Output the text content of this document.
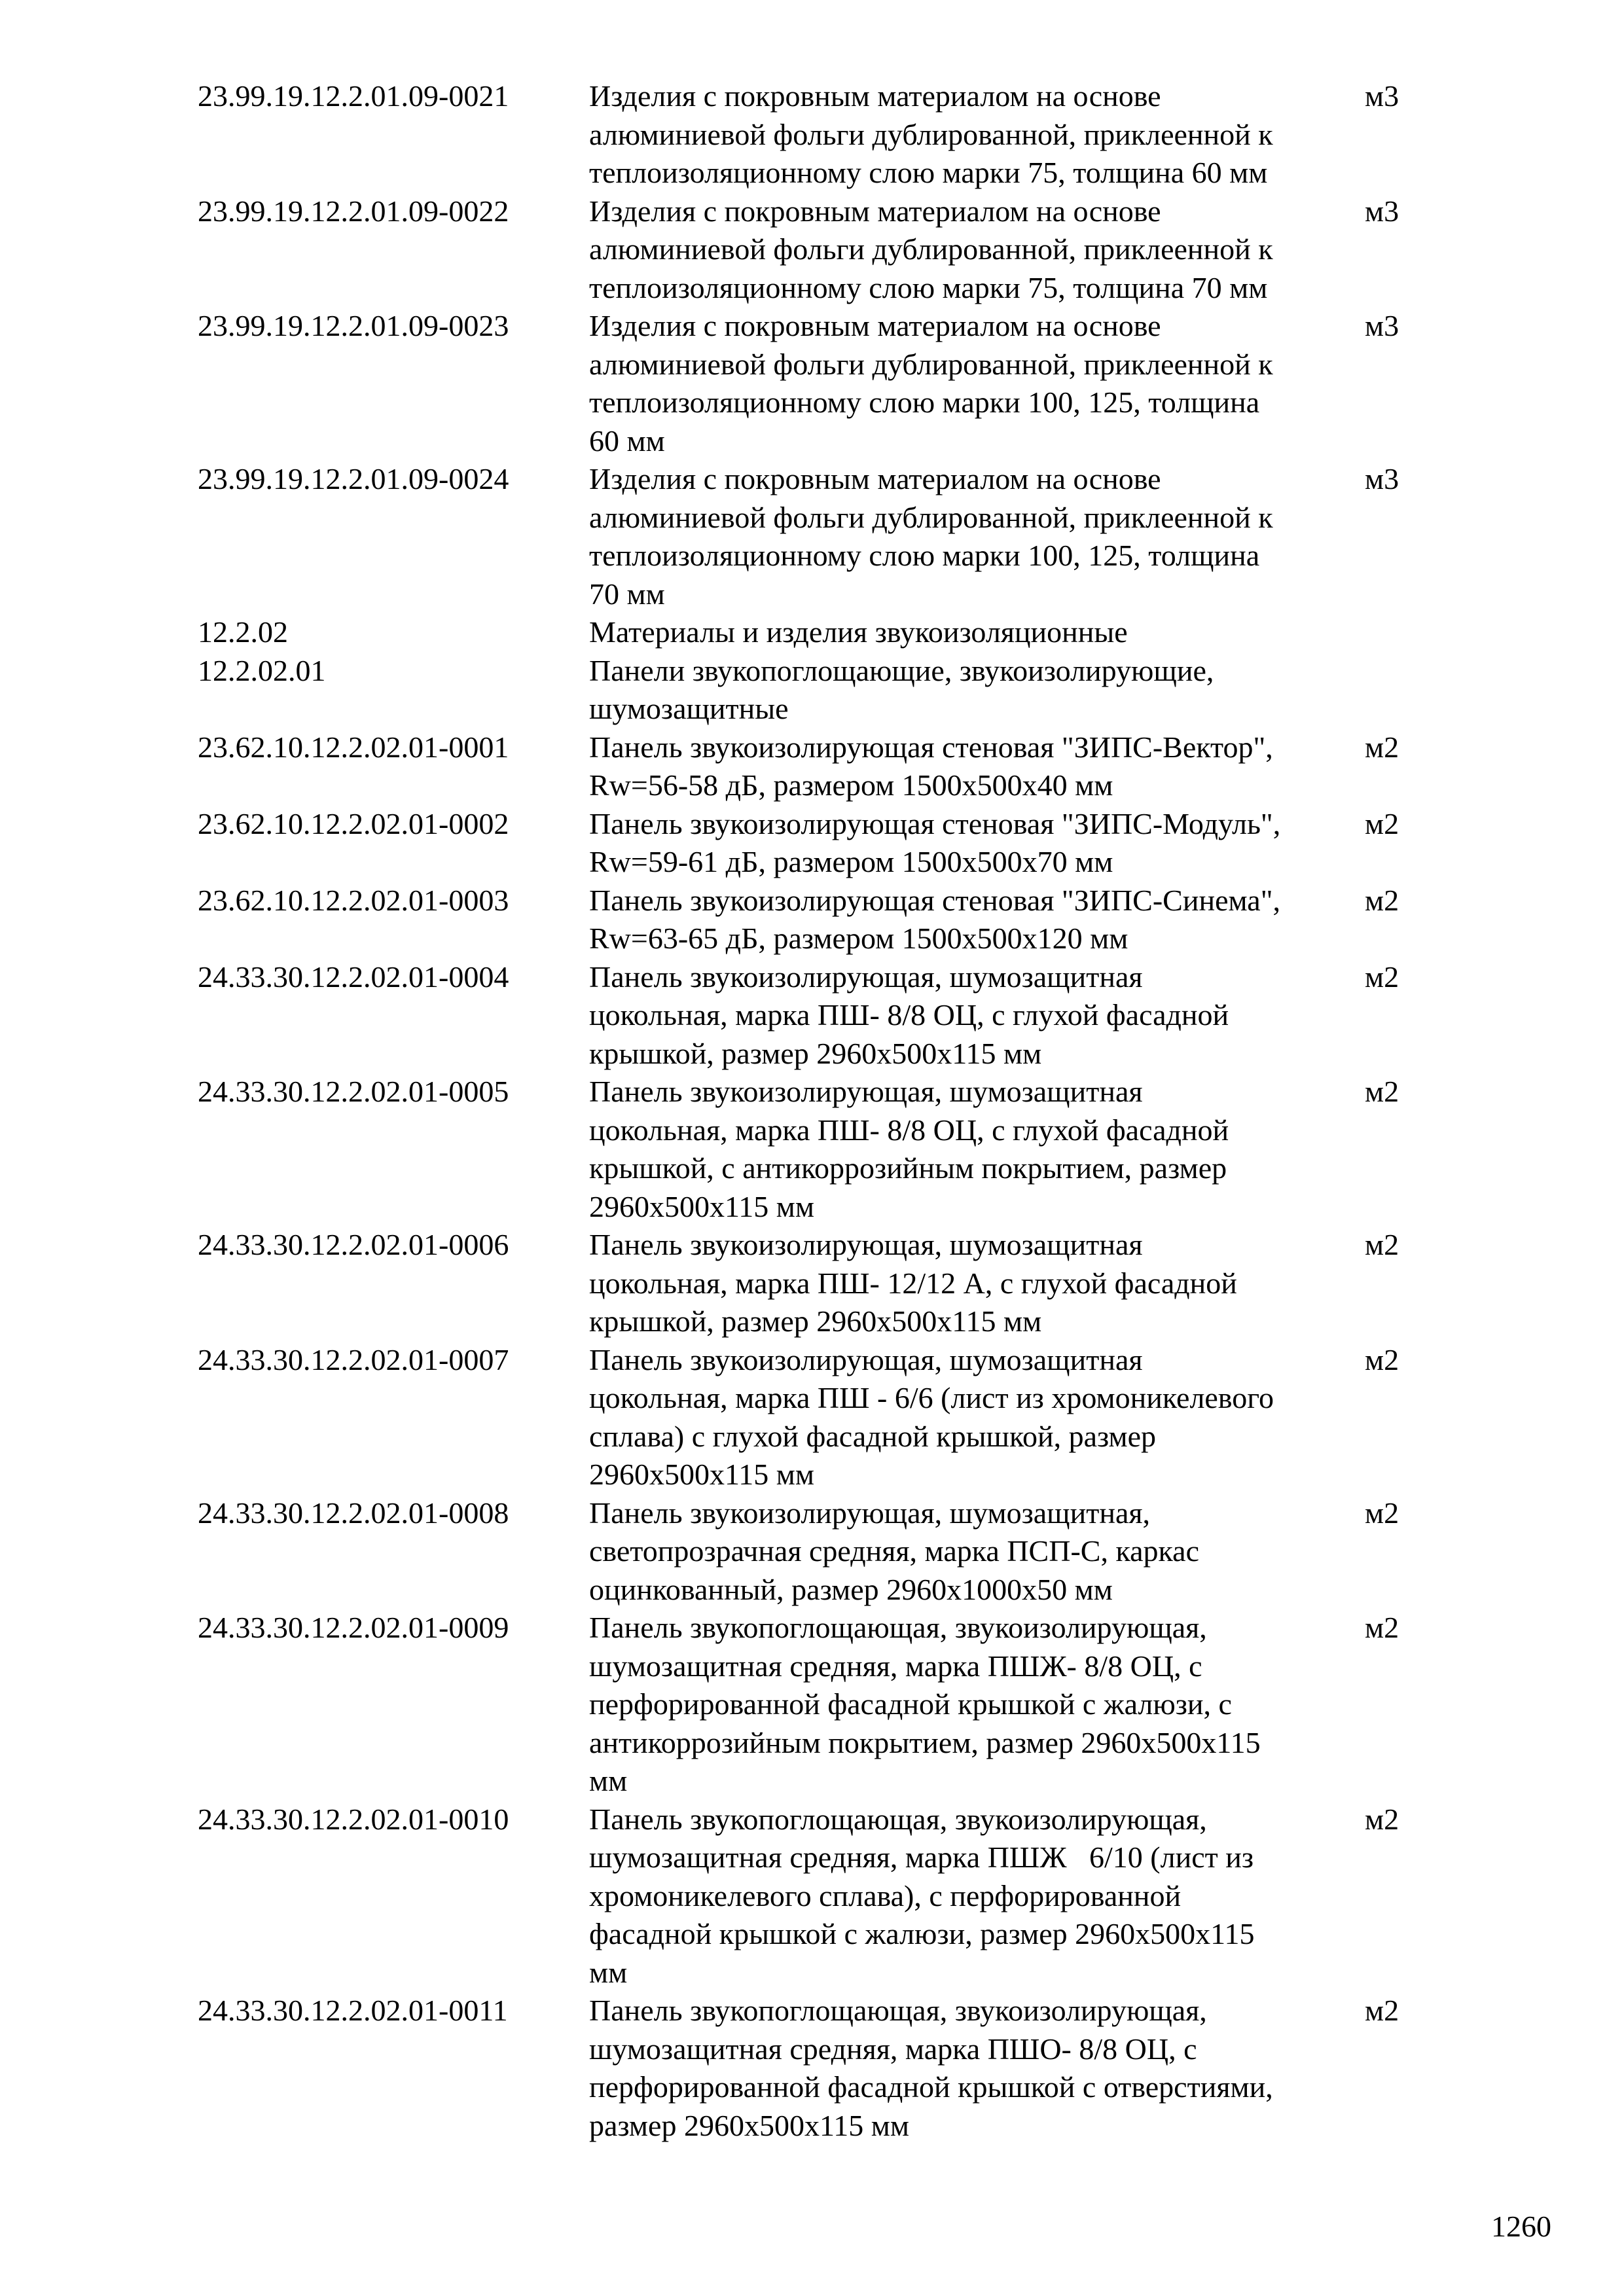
23.99.19.12.2.01.09-0021	Изделия с покровным материалом на основе
алюминиевой фольги дублированной, приклеенной к
теплоизоляционному слою марки 75, толщина 60 мм
м3
23.99.19.12.2.01.09-0022	Изделия с покровным материалом на основе
алюминиевой фольги дублированной, приклеенной к
теплоизоляционному слою марки 75, толщина 70 мм
м3
23.99.19.12.2.01.09-0023	Изделия с покровным материалом на основе
алюминиевой фольги дублированной, приклеенной к
теплоизоляционному слою марки 100, 125, толщина
60 мм
м3
23.99.19.12.2.01.09-0024	Изделия с покровным материалом на основе
алюминиевой фольги дублированной, приклеенной к
теплоизоляционному слою марки 100, 125, толщина
70 мм
м3
12.2.02	Материалы и изделия звукоизоляционные
12.2.02.01	Панели звукопоглощающие, звукоизолирующие,
шумозащитные
23.62.10.12.2.02.01-0001	Панель звукоизолирующая стеновая "ЗИПС-Вектор",
Rw=56-58 дБ, размером 1500х500х40 мм
м2
23.62.10.12.2.02.01-0002	Панель звукоизолирующая стеновая "ЗИПС-Модуль",
Rw=59-61 дБ, размером 1500х500х70 мм
м2
23.62.10.12.2.02.01-0003	Панель звукоизолирующая стеновая "ЗИПС-Синема",
Rw=63-65 дБ, размером 1500х500х120 мм
м2
24.33.30.12.2.02.01-0004	Панель звукоизолирующая, шумозащитная
цокольная, марка ПШ- 8/8 ОЦ, с глухой фасадной
крышкой, размер 2960х500х115 мм
м2
24.33.30.12.2.02.01-0005	Панель звукоизолирующая, шумозащитная
цокольная, марка ПШ- 8/8 ОЦ, с глухой фасадной
крышкой, с антикоррозийным покрытием, размер
2960х500х115 мм
м2
24.33.30.12.2.02.01-0006	Панель звукоизолирующая, шумозащитная
цокольная, марка ПШ- 12/12 А, с глухой фасадной
крышкой, размер 2960х500х115 мм
м2
24.33.30.12.2.02.01-0007	Панель звукоизолирующая, шумозащитная
цокольная, марка ПШ - 6/6 (лист из хромоникелевого
сплава) с глухой фасадной крышкой, размер
2960х500х115 мм
м2
24.33.30.12.2.02.01-0008	Панель звукоизолирующая, шумозащитная,
светопрозрачная средняя, марка ПСП-С, каркас
оцинкованный, размер 2960х1000х50 мм
м2
24.33.30.12.2.02.01-0009	Панель звукопоглощающая, звукоизолирующая,
шумозащитная средняя, марка ПШЖ- 8/8 ОЦ, с
перфорированной фасадной крышкой с жалюзи, с
антикоррозийным покрытием, размер 2960х500х115
мм
м2
24.33.30.12.2.02.01-0010	Панель звукопоглощающая, звукоизолирующая,
шумозащитная средняя, марка ПШЖ   6/10 (лист из
хромоникелевого сплава), с перфорированной
фасадной крышкой с жалюзи, размер 2960х500х115
мм
м2
24.33.30.12.2.02.01-0011	Панель звукопоглощающая, звукоизолирующая,
шумозащитная средняя, марка ПШО- 8/8 ОЦ, с
перфорированной фасадной крышкой с отверстиями,
размер 2960х500х115 мм
м2
1260
